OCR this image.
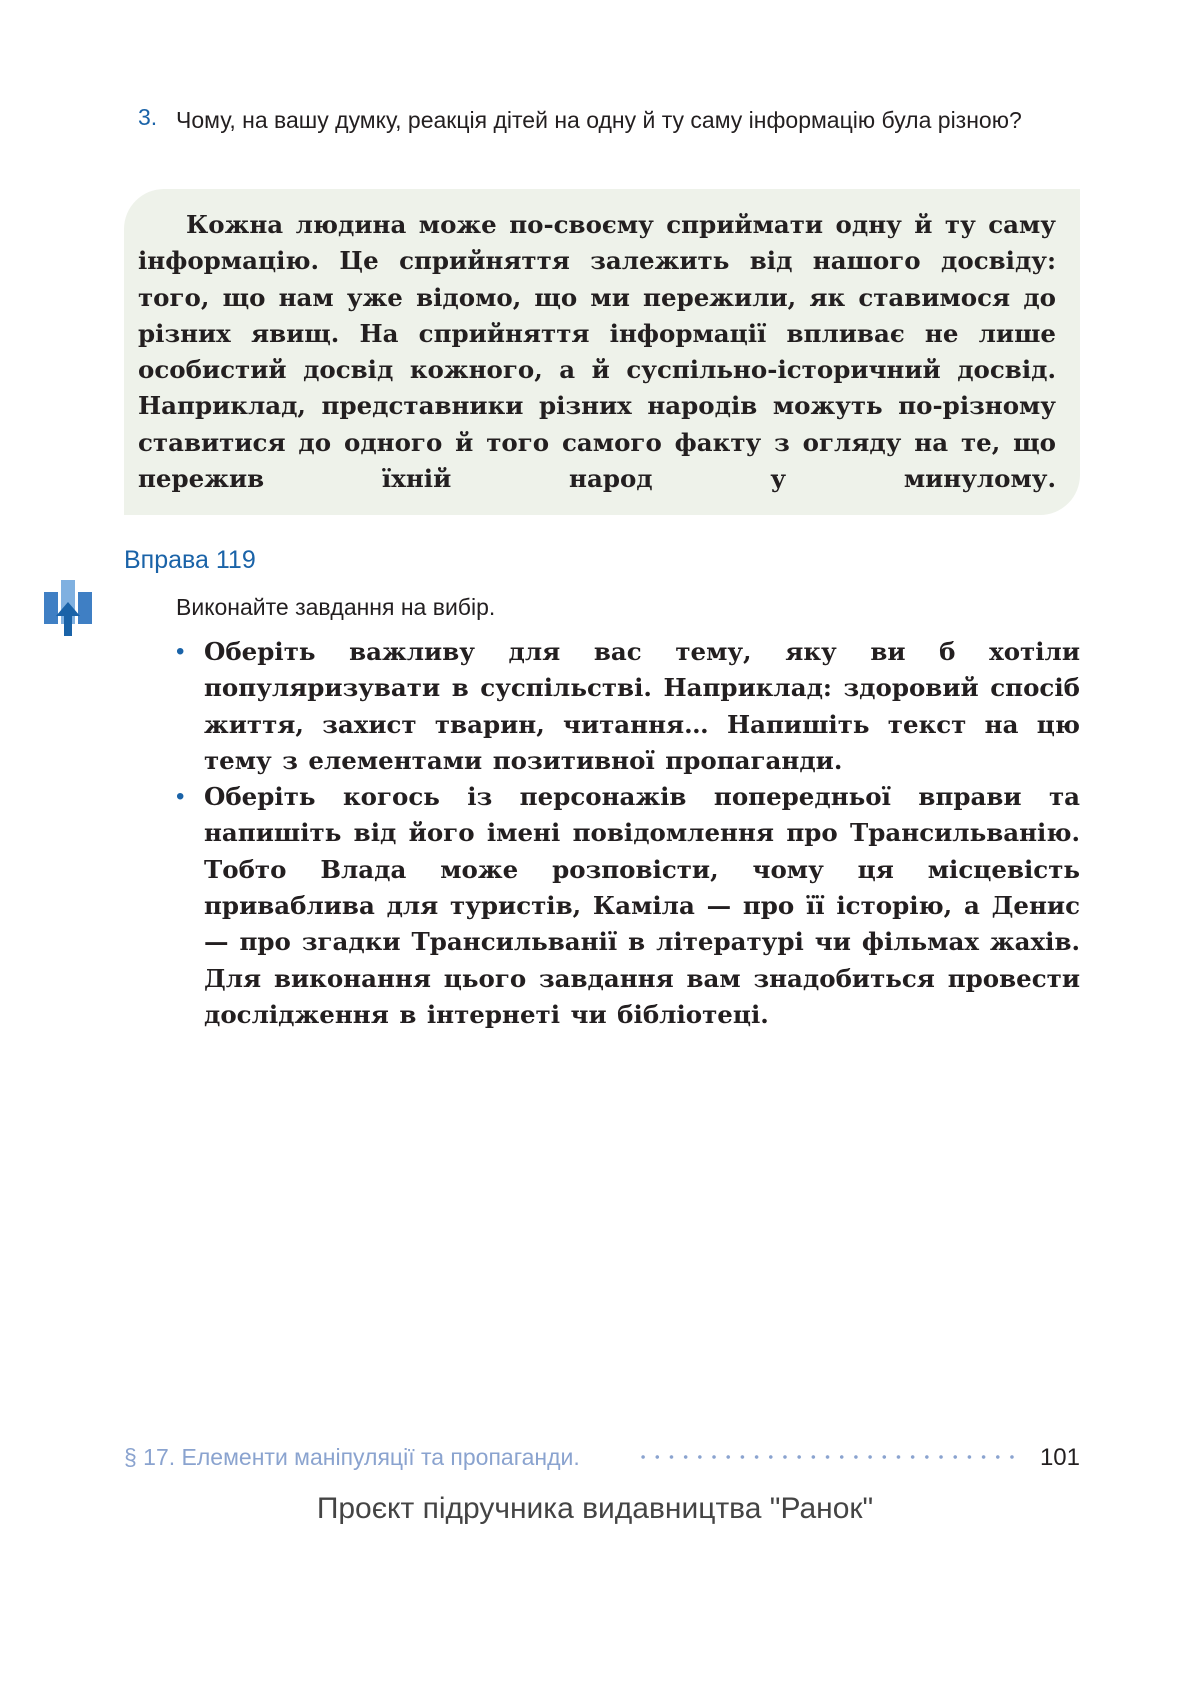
3. Чому, на вашу думку, реакція дітей на одну й ту саму інформацію була різною?

Кожна людина може по-своєму сприймати одну й ту саму інформацію. Це сприйняття залежить від нашого досвіду: того, що нам уже відомо, що ми пережили, як ставимося до різних явищ. На сприйняття інформації впливає не лише особистий досвід кожного, а й суспільно-історичний досвід. Наприклад, представники різних народів можуть по-різному ставитися до одного й того самого факту з огляду на те, що пережив їхній народ у минулому.

Вправа 119
Виконайте завдання на вибір.
• Оберіть важливу для вас тему, яку ви б хотіли популяризувати в суспільстві. Наприклад: здоровий спосіб життя, захист тварин, читання… Напишіть текст на цю тему з елементами позитивної пропаганди.

• Оберіть когось із персонажів попередньої вправи та напишіть від його імені повідомлення про Трансильванію. Тобто Влада може розповісти, чому ця місцевість приваблива для туристів, Каміла — про її історію, а Денис — про згадки Трансильванії в літературі чи фільмах жахів. Для виконання цього завдання вам знадобиться провести дослідження в інтернеті чи бібліотеці.

§ 17. Елементи маніпуляції та пропаганди.	101
Проєкт підручника видавництва "Ранок"
